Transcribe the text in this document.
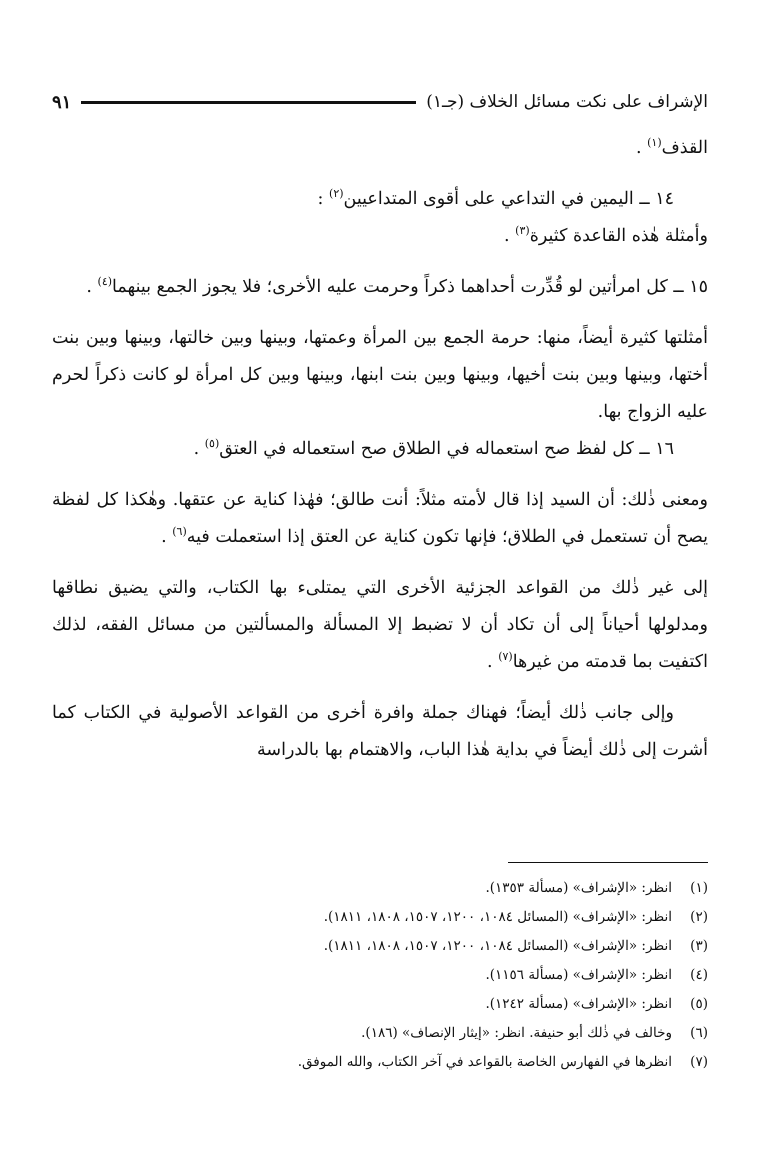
الإشراف على نكت مسائل الخلاف (جـ١)
٩١

القذف$^{(١)}$ .

١٤ ــ اليمين في التداعي على أقوى المتداعيين$^{(٢)}$ :

وأمثلة هٰذه القاعدة كثيرة$^{(٣)}$ .

١٥ ــ كل امرأتين لو قُدِّرت أحداهما ذكراً وحرمت عليه الأخرى؛ فلا يجوز الجمع بينهما$^{(٤)}$ .

أمثلتها كثيرة أيضاً، منها: حرمة الجمع بين المرأة وعمتها، وبينها وبين خالتها، وبينها وبين بنت أختها، وبينها وبين بنت أخيها، وبينها وبين بنت ابنها، وبينها وبين كل امرأة لو كانت ذكراً لحرم عليه الزواج بها.

١٦ ــ كل لفظ صح استعماله في الطلاق صح استعماله في العتق$^{(٥)}$ .

ومعنى ذٰلك: أن السيد إذا قال لأمته مثلاً: أنت طالق؛ فهٰذا كناية عن عتقها. وهٰكذا كل لفظة يصح أن تستعمل في الطلاق؛ فإنها تكون كناية عن العتق إذا استعملت فيه$^{(٦)}$ .

إلى غير ذٰلك من القواعد الجزئية الأخرى التي يمتلىء بها الكتاب، والتي يضيق نطاقها ومدلولها أحياناً إلى أن تكاد أن لا تضبط إلا المسألة والمسألتين من مسائل الفقه، لذلك اكتفيت بما قدمته من غيرها$^{(٧)}$ .

وإلى جانب ذٰلك أيضاً؛ فهناك جملة وافرة أخرى من القواعد الأصولية في الكتاب كما أشرت إلى ذٰلك أيضاً في بداية هٰذا الباب، والاهتمام بها بالدراسة

(١)
انظر: «الإشراف» (مسألة ١٣٥٣).
(٢)
انظر: «الإشراف» (المسائل ١٠٨٤، ١٢٠٠، ١٥٠٧، ١٨٠٨، ١٨١١).
(٣)
انظر: «الإشراف» (المسائل ١٠٨٤، ١٢٠٠، ١٥٠٧، ١٨٠٨، ١٨١١).
(٤)
انظر: «الإشراف» (مسألة ١١٥٦).
(٥)
انظر: «الإشراف» (مسألة ١٢٤٢).
(٦)
وخالف في ذٰلك أبو حنيفة. انظر: «إيثار الإنصاف» (١٨٦).
(٧)
انظرها في الفهارس الخاصة بالقواعد في آخر الكتاب، والله الموفق.
